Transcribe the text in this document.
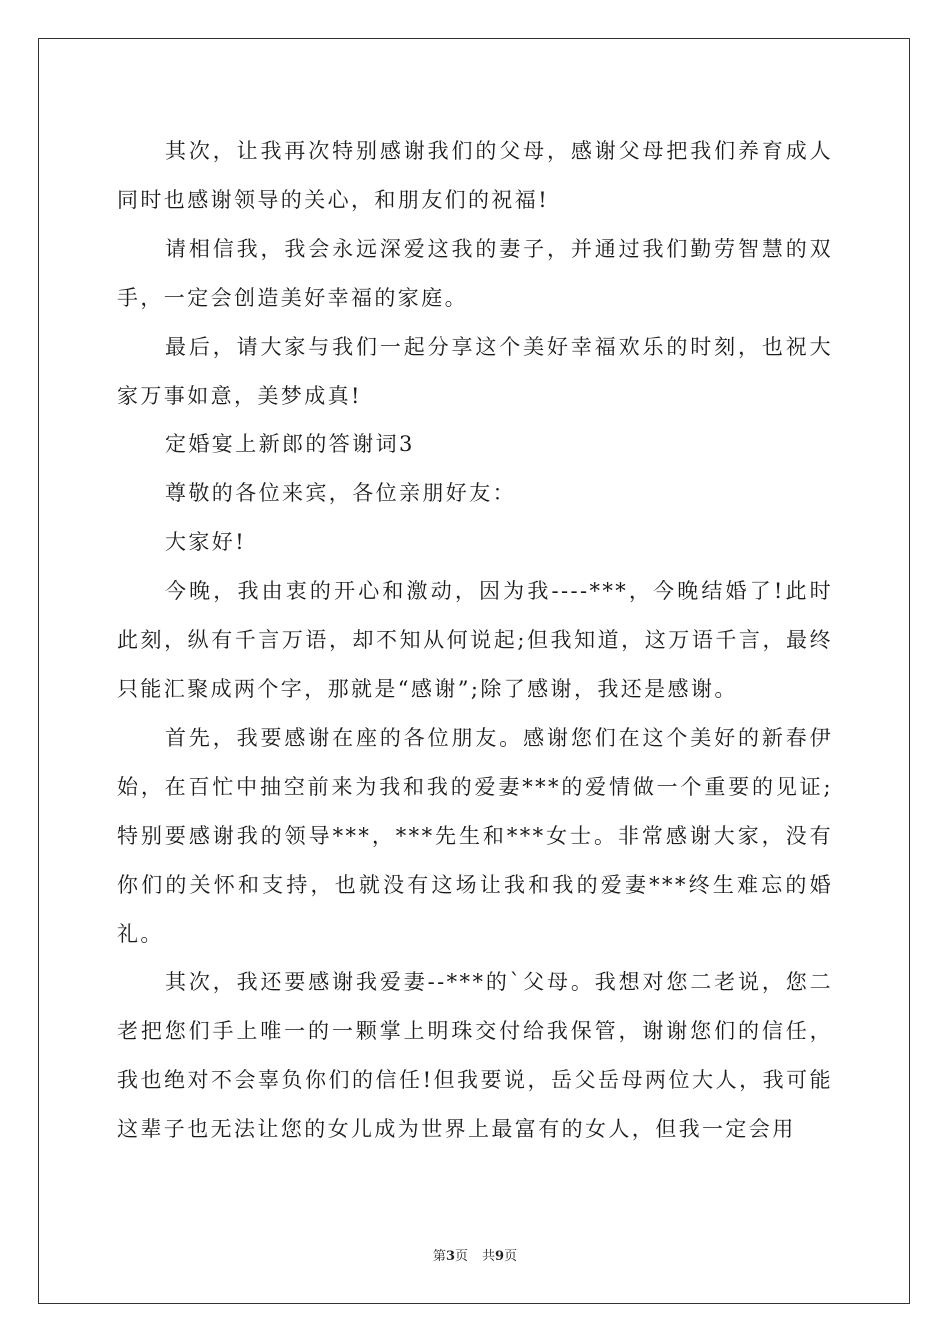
其次，让我再次特别感谢我们的父母，感谢父母把我们养育成人同时也感谢领导的关心，和朋友们的祝福!

请相信我，我会永远深爱这我的妻子，并通过我们勤劳智慧的双手，一定会创造美好幸福的家庭。

最后，请大家与我们一起分享这个美好幸福欢乐的时刻，也祝大家万事如意，美梦成真!

定婚宴上新郎的答谢词3

尊敬的各位来宾，各位亲朋好友：

大家好!

今晚，我由衷的开心和激动，因为我----***，今晚结婚了!此时此刻，纵有千言万语，却不知从何说起;但我知道，这万语千言，最终只能汇聚成两个字，那就是“感谢”;除了感谢，我还是感谢。

首先，我要感谢在座的各位朋友。感谢您们在这个美好的新春伊始，在百忙中抽空前来为我和我的爱妻***的爱情做一个重要的见证;特别要感谢我的领导***，***先生和***女士。非常感谢大家，没有你们的关怀和支持，也就没有这场让我和我的爱妻***终生难忘的婚礼。

其次，我还要感谢我爱妻--***的`父母。我想对您二老说，您二老把您们手上唯一的一颗掌上明珠交付给我保管，谢谢您们的信任，我也绝对不会辜负你们的信任!但我要说，岳父岳母两位大人，我可能这辈子也无法让您的女儿成为世界上最富有的女人，但我一定会用

第3页 共9页
